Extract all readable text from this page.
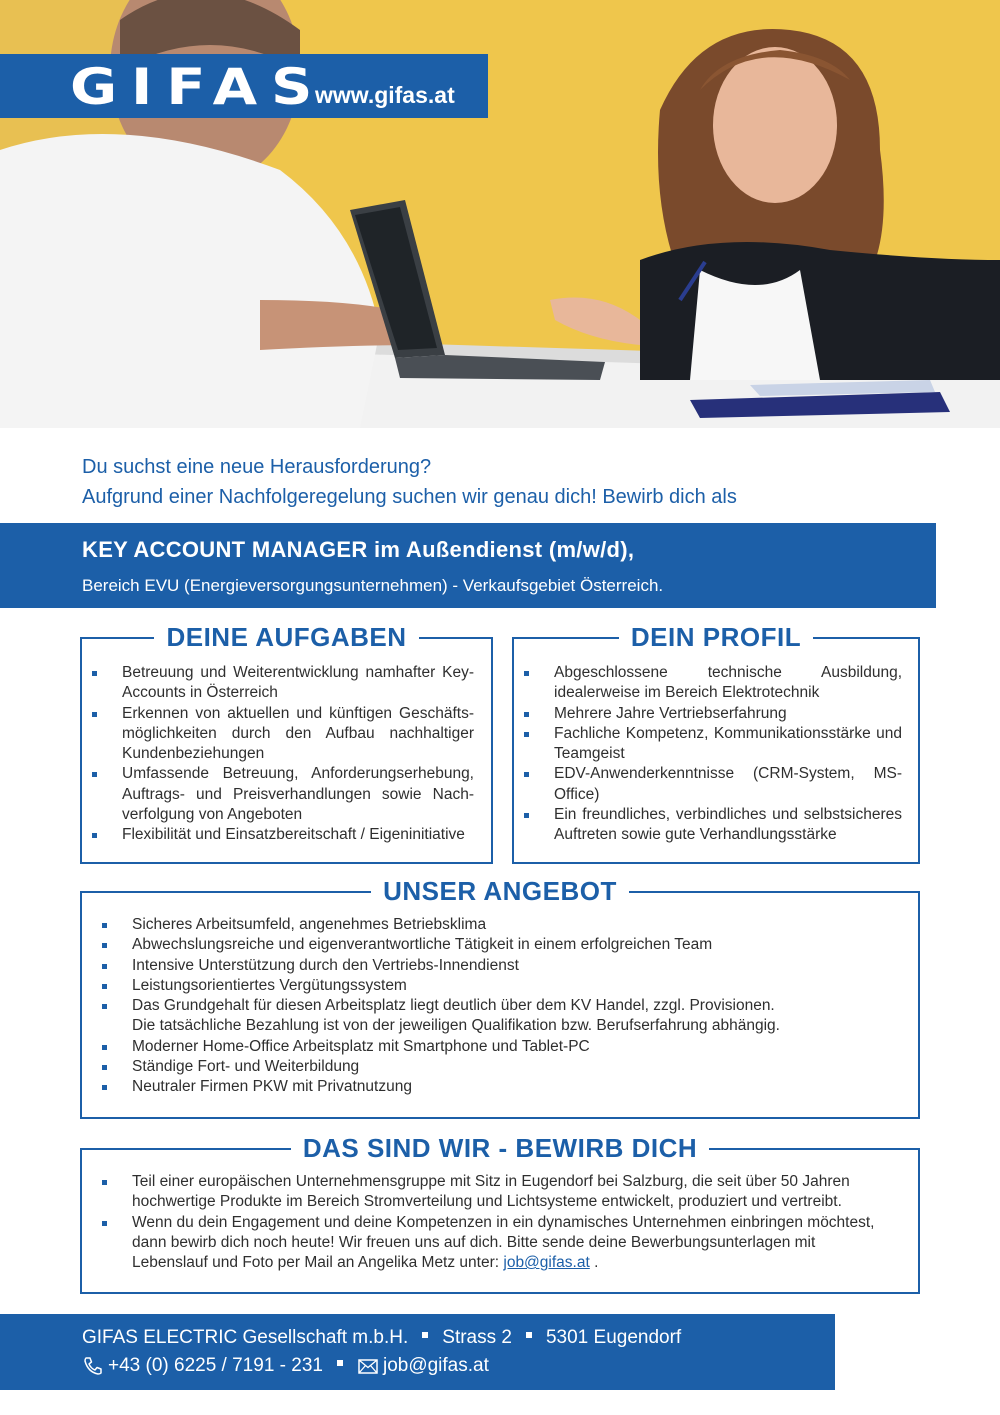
GIFAS
www.gifas.at
Du suchst eine neue Herausforderung?
Aufgrund einer Nachfolgeregelung suchen wir genau dich! Bewirb dich als
KEY ACCOUNT MANAGER im Außendienst (m/w/d),
Bereich EVU (Energieversorgungsunternehmen) - Verkaufsgebiet Österreich.
DEINE AUFGABEN
Betreuung und Weiterentwicklung namhafter Key-Accounts in Österreich
Erkennen von aktuellen und künftigen Geschäftsmöglichkeiten durch den Aufbau nachhaltiger Kundenbeziehungen
Umfassende Betreuung, Anforderungserhebung, Auftrags- und Preisverhandlungen sowie Nachverfolgung von Angeboten
Flexibilität und Einsatzbereitschaft / Eigeninitiative
DEIN PROFIL
Abgeschlossene technische Ausbildung, idealerweise im Bereich Elektrotechnik
Mehrere Jahre Vertriebserfahrung
Fachliche Kompetenz, Kommunikationsstärke und Teamgeist
EDV-Anwenderkenntnisse (CRM-System, MS-Office)
Ein freundliches, verbindliches und selbstsicheres Auftreten sowie gute Verhandlungsstärke
UNSER ANGEBOT
Sicheres Arbeitsumfeld, angenehmes Betriebsklima
Abwechslungsreiche und eigenverantwortliche Tätigkeit in einem erfolgreichen Team
Intensive Unterstützung durch den Vertriebs-Innendienst
Leistungsorientiertes Vergütungssystem
Das Grundgehalt für diesen Arbeitsplatz liegt deutlich über dem KV Handel, zzgl. Provisionen.
Die tatsächliche Bezahlung ist von der jeweiligen Qualifikation bzw. Berufserfahrung abhängig.
Moderner Home-Office Arbeitsplatz mit Smartphone und Tablet-PC
Ständige Fort- und Weiterbildung
Neutraler Firmen PKW mit Privatnutzung
DAS SIND WIR - BEWIRB DICH
Teil einer europäischen Unternehmensgruppe mit Sitz in Eugendorf bei Salzburg, die seit über 50 Jahren hochwertige Produkte im Bereich Stromverteilung und Lichtsysteme entwickelt, produziert und vertreibt.
Wenn du dein Engagement und deine Kompetenzen in ein dynamisches Unternehmen einbringen möchtest, dann bewirb dich noch heute! Wir freuen uns auf dich. Bitte sende deine Bewerbungsunterlagen mit Lebenslauf und Foto per Mail an Angelika Metz unter: job@gifas.at .
GIFAS ELECTRIC Gesellschaft m.b.H. Strass 2 5301 Eugendorf
+43 (0) 6225 / 7191 - 231	job@gifas.at
